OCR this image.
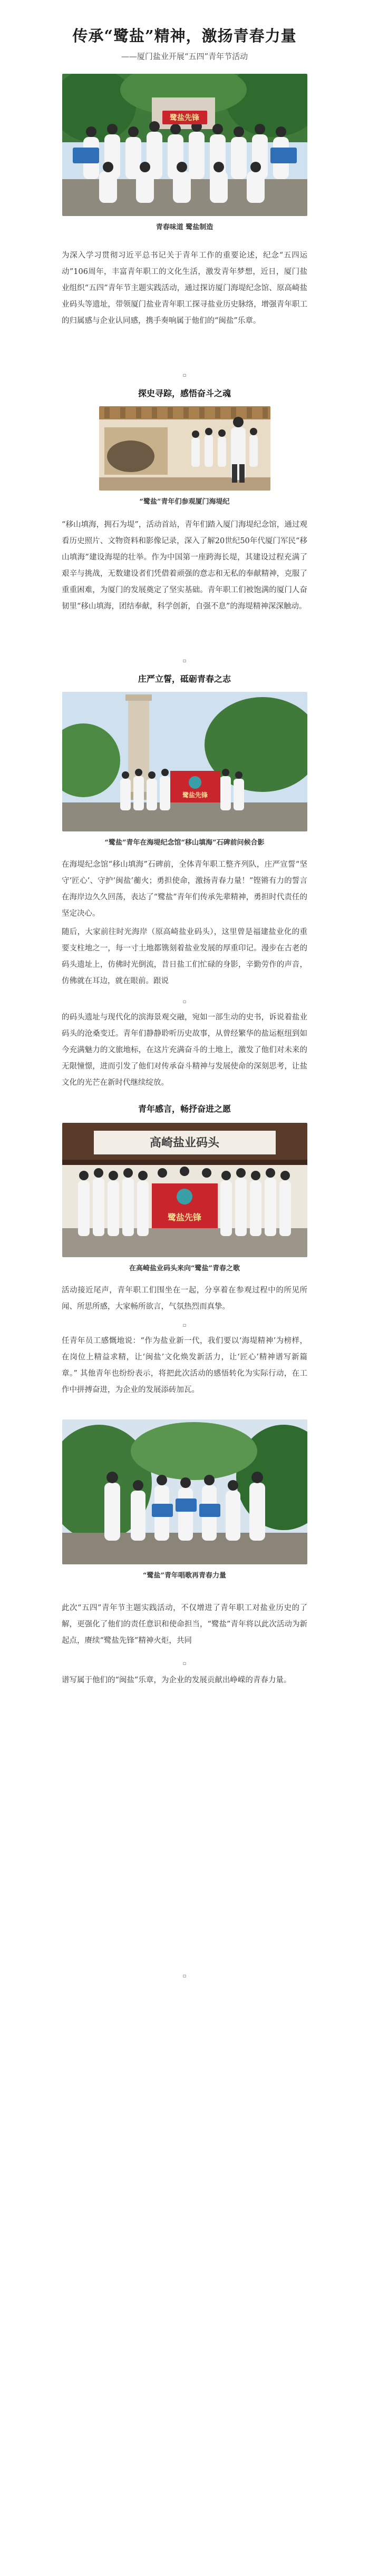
传承“鹭盐”精神，激扬青春力量
——厦门盐业开展“五四”青年节活动
鹭盐先锋
青春味道 鹭盐制造

为深入学习贯彻习近平总书记关于青年工作的重要论述，纪念“五四运动”106周年，丰富青年职工的文化生活，激发青年梦想，近日，厦门盐业组织“五四”青年节主题实践活动，通过探访厦门海堤纪念馆、原高崎盐业码头等遗址，带领厦门盐业青年职工探寻盐业历史脉络，增强青年职工的归属感与企业认同感，携手奏响属于他们的“闽盐”乐章。

▫
探史寻踪，感悟奋斗之魂
“鹭盐”青年们参观厦门海堤纪

“移山填海，拥石为堤”，活动首站，青年们踏入厦门海堤纪念馆，通过观看历史照片、文物资料和影像记录，深入了解20世纪50年代厦门军民“移山填海”建设海堤的壮举。作为中国第一座跨海长堤，其建设过程充满了艰辛与挑战，无数建设者们凭借着顽强的意志和无私的奉献精神，克服了重重困难，为厦门的发展奠定了坚实基础。青年职工们被饱满的厦门人奋韧里“移山填海，团结奉献，科学创新，自强不息”的海堤精神深深触动。

▫
庄严立誓，砥砺青春之志
鹭盐先锋
“鹭盐”青年在海堤纪念馆“移山填海”石碑前问候合影

在海堤纪念馆“移山填海”石碑前，全体青年职工整齐列队，庄严宣誓“坚守‘匠心’、守护‘闽盐’蘅火；勇担使命，激扬青春力量！”铿锵有力的誓言在海岸边久久回荡，表达了“鹭盐”青年们传承先辈精神，勇担时代责任的坚定决心。

随后，大家前往时光海岸（原高崎盐业码头），这里曾是福建盐业化的重要支柱地之一，每一寸土地都镌刻着盐业发展的厚重印记。漫步在古老的码头遗址上，仿佛时光倒流，昔日盐工们忙碌的身影，辛勤劳作的声音，仿佛就在耳边，就在眼前。跟说

▫

的码头遗址与现代化的滨海景观交融，宛如一部生动的史书，诉说着盐业码头的沧桑变迁。青年们静静聆听历史故事，从曾经繁华的盐运枢纽到如今充满魅力的文旅地标，在这片充满奋斗的土地上，激发了他们对未来的无限憧憬，进而引发了他们对传承奋斗精神与发展使命的深刻思考，让盐文化的光芒在新时代继续绽放。

青年感言，畅抒奋进之愿
高崎盐业码头
鹭盐先锋
在高崎盐业码头来向“鹭盐”青春之歌

活动接近尾声，青年职工们围坐在一起，分享着在参观过程中的所见所闻、所思所感，大家畅所欲言，气氛热烈而真挚。

▫

任青年员工感慨地说：“作为盐业新一代，我们要以‘海堤精神’为榜样，在岗位上精益求精，让‘闽盐’文化焕发新活力，让‘匠心’精神谱写新篇章。” 其他青年也纷纷表示，将把此次活动的感悟转化为实际行动，在工作中拼搏奋进，为企业的发展添砖加瓦。

“鹭盐”青年唱歌再青春力量

此次“五四”青年节主题实践活动，不仅增进了青年职工对盐业历史的了解，更强化了他们的责任意识和使命担当，“鹭盐”青年将以此次活动为新起点，赓续“鹭盐先锋”精神火炬，共同

▫

谱写属于他们的“闽盐”乐章，为企业的发展贡献出峥嵘的青春力量。

▫
